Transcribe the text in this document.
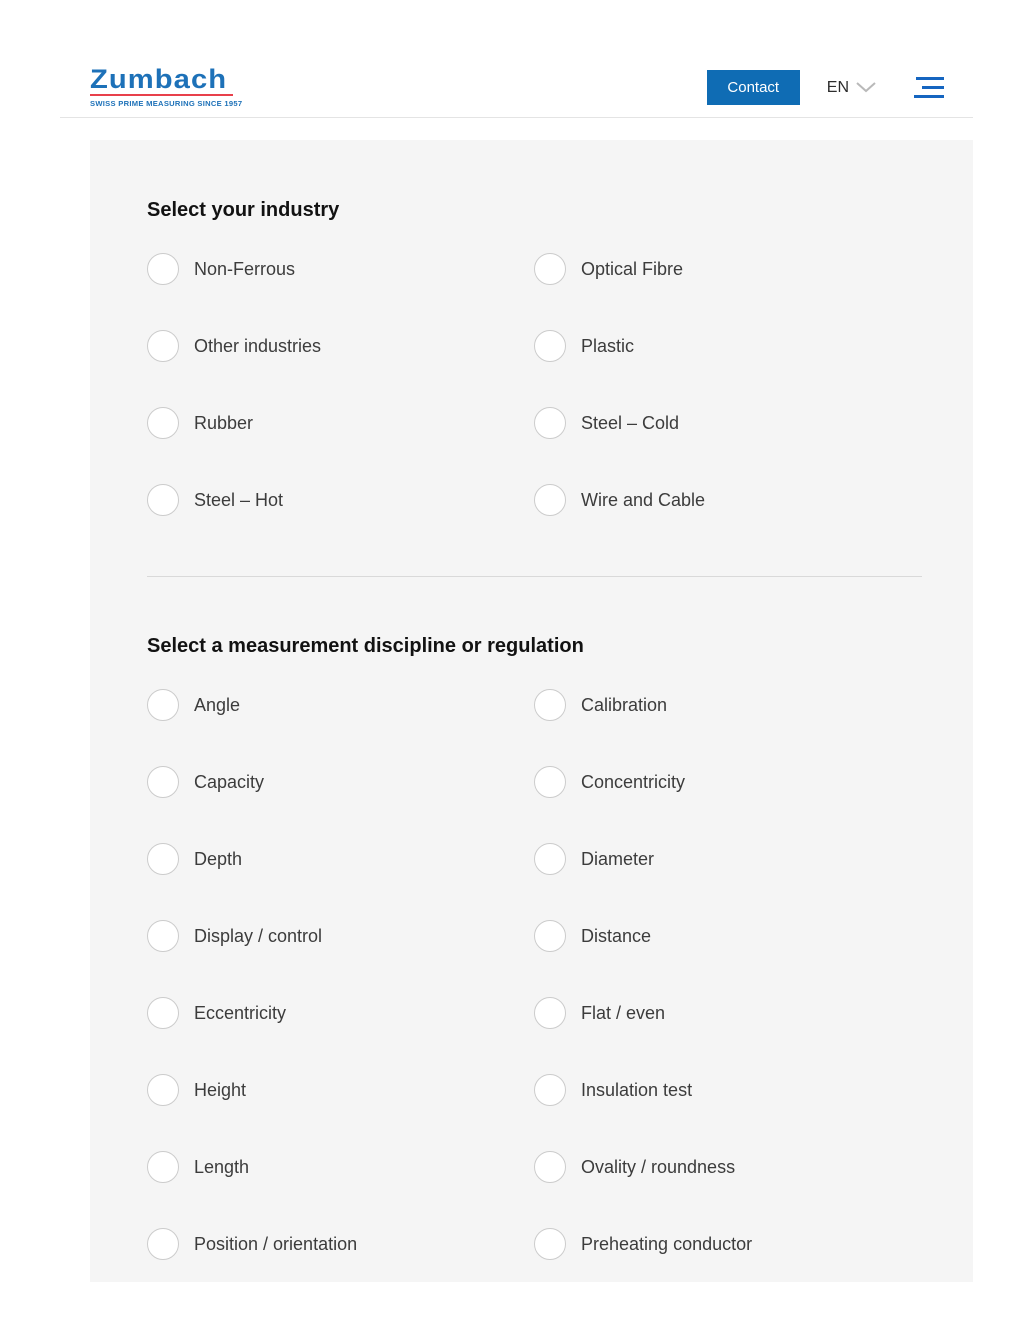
Zumbach
SWISS PRIME MEASURING SINCE 1957
Contact	EN
Select your industry
Non-Ferrous	Optical Fibre
Other industries	Plastic
Rubber	Steel – Cold
Steel – Hot	Wire and Cable
Select a measurement discipline or regulation
Angle	Calibration
Capacity	Concentricity
Depth	Diameter
Display / control	Distance
Eccentricity	Flat / even
Height	Insulation test
Length	Ovality / roundness
Position / orientation	Preheating conductor
